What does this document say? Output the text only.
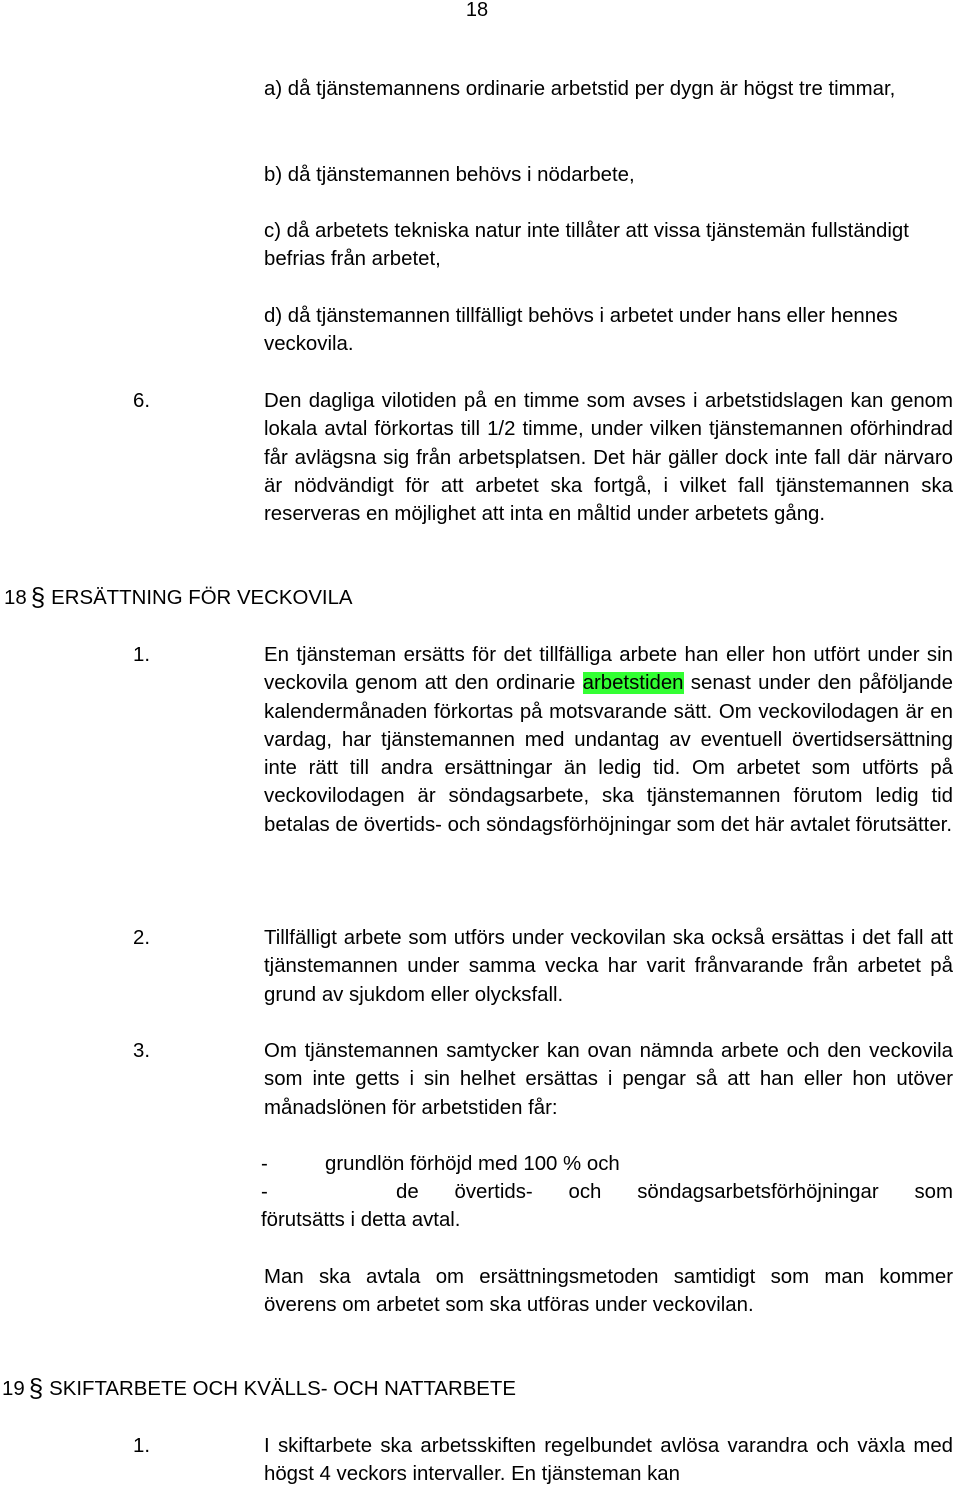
18
a) då tjänstemannens ordinarie arbetstid per dygn är högst tre timmar,
b) då tjänstemannen behövs i nödarbete,
c) då arbetets tekniska natur inte tillåter att vissa tjänstemän fullständigt befrias från arbetet,
d) då tjänstemannen tillfälligt behövs i arbetet under hans eller hennes veckovila.
6.	Den dagliga vilotiden på en timme som avses i arbetstidslagen kan genom lokala avtal förkortas till 1/2 timme, under vilken tjänstemannen oförhindrad får avlägsna sig från arbetsplatsen. Det här gäller dock inte fall där närvaro är nödvändigt för att arbetet ska fortgå, i vilket fall tjänstemannen ska reserveras en möjlighet att inta en måltid under arbetets gång.
18 § ERSÄTTNING FÖR VECKOVILA
1.	En tjänsteman ersätts för det tillfälliga arbete han eller hon utfört under sin veckovila genom att den ordinarie arbetstiden senast under den påföljande kalendermånaden förkortas på motsvarande sätt. Om veckovilodagen är en vardag, har tjänstemannen med undantag av eventuell övertidsersättning inte rätt till andra ersättningar än ledig tid. Om arbetet som utförts på veckovilodagen är söndagsarbete, ska tjänstemannen förutom ledig tid betalas de övertids- och söndagsförhöjningar som det här avtalet förutsätter.
2.	Tillfälligt arbete som utförs under veckovilan ska också ersättas i det fall att tjänstemannen under samma vecka har varit frånvarande från arbetet på grund av sjukdom eller olycksfall.
3.	Om tjänstemannen samtycker kan ovan nämnda arbete och den veckovila som inte getts i sin helhet ersättas i pengar så att han eller hon utöver månadslönen för arbetstiden får:
-	grundlön förhöjd med 100 % och
-	de övertids- och söndagsarbetsförhöjningar som
förutsätts i detta avtal.
Man ska avtala om ersättningsmetoden samtidigt som man kommer överens om arbetet som ska utföras under veckovilan.
19 § SKIFTARBETE OCH KVÄLLS- OCH NATTARBETE
1.	I skiftarbete ska arbetsskiften regelbundet avlösa varandra och växla med högst 4 veckors intervaller. En tjänsteman kan
